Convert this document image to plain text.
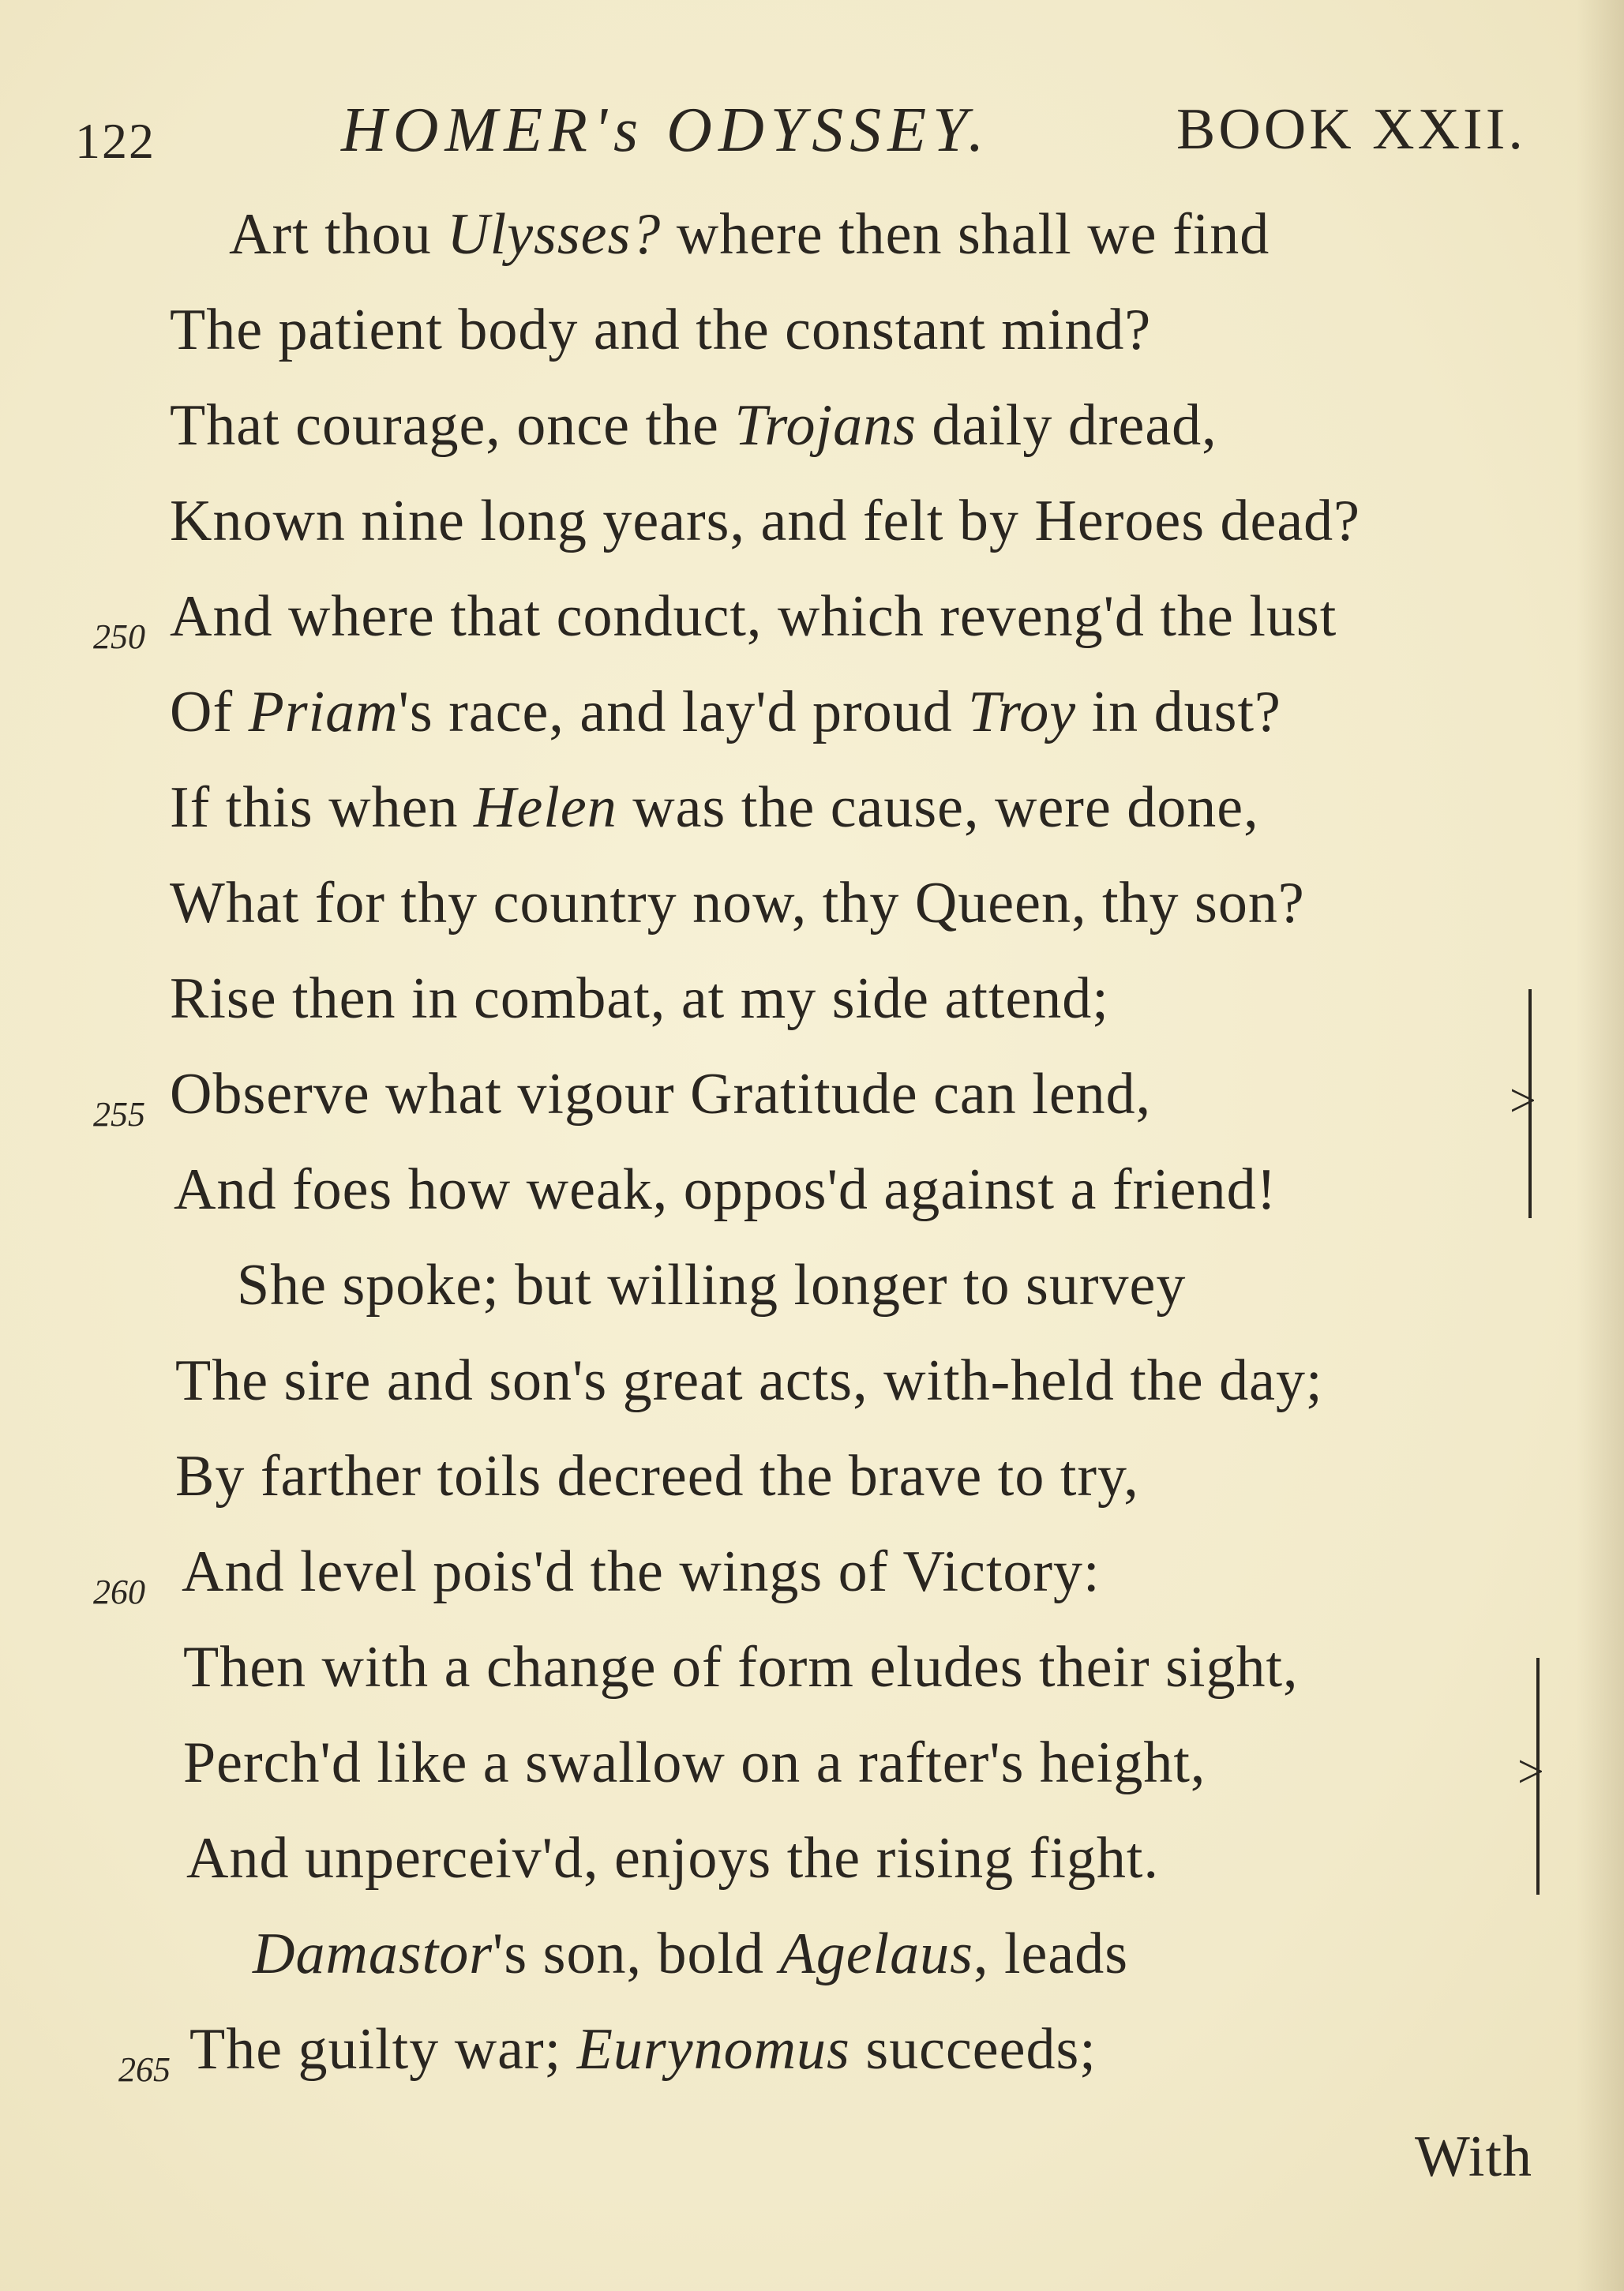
122	HOMER's ODYSSEY.	BOOK XXII.
Art thou Ulysses? where then shall we find
The patient body and the constant mind?
That courage, once the Trojans daily dread,
Known nine long years, and felt by Heroes dead?
250 And where that conduct, which reveng'd the lust
Of Priam's race, and lay'd proud Troy in dust?
If this when Helen was the cause, were done,
What for thy country now, thy Queen, thy son?
Rise then in combat, at my side attend;
255 Observe what vigour Gratitude can lend,
And foes how weak, oppos'd against a friend!
She spoke; but willing longer to survey
The sire and son's great acts, with-held the day;
By farther toils decreed the brave to try,
260 And level pois'd the wings of Victory:
Then with a change of form eludes their sight,
Perch'd like a swallow on a rafter's height,
And unperceiv'd, enjoys the rising fight.
Damastor's son, bold Agelaus, leads
265 The guilty war; Eurynomus succeeds;
>
>
With
